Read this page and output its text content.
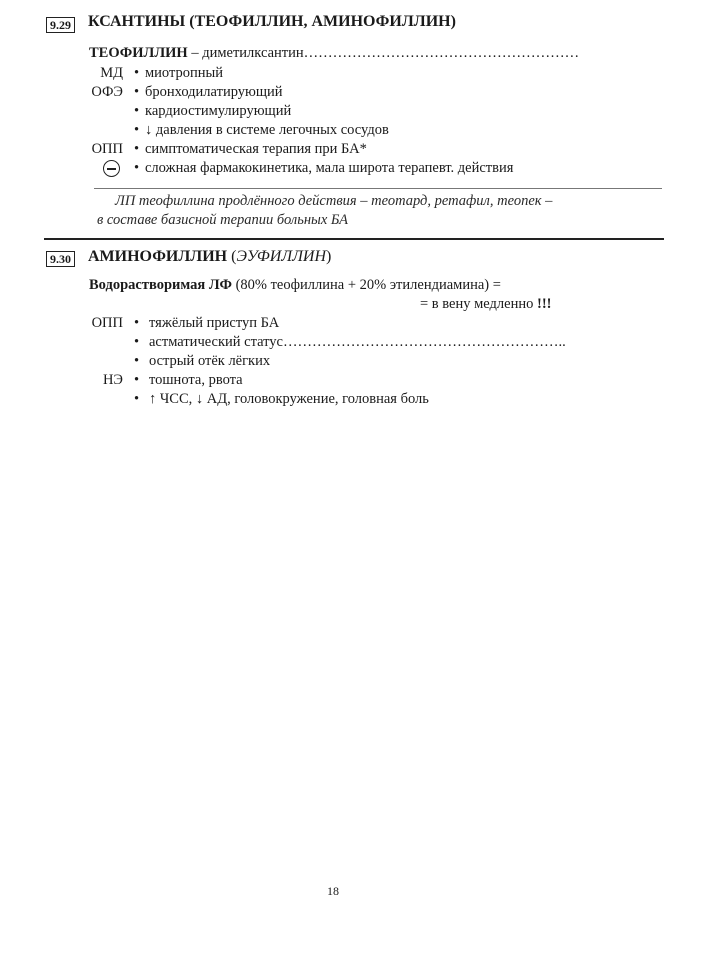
9.29 КСАНТИНЫ (ТЕОФИЛЛИН, АМИНОФИЛЛИН)
ТЕОФИЛЛИН – диметилксантин…………………………………………………
МД • миотропный
ОФЭ • бронходилатирующий
• кардиостимулирующий
• ↓ давления в системе легочных сосудов
ОПП • симптоматическая терапия при БА*
• сложная фармакокинетика, мала широта терапевт. действия
ЛП теофиллина продлённого действия – теотард, ретафил, теопек –
в составе базисной терапии больных БА
9.30 АМИНОФИЛЛИН (ЭУФИЛЛИН)
Водорастворимая ЛФ (80% теофиллина + 20% этилендиамина) =
= в вену медленно !!!
ОПП • тяжёлый приступ БА
• астматический статус…………………………………………………..
• острый отёк лёгких
НЭ • тошнота, рвота
• ↑ ЧСС, ↓ АД, головокружение, головная боль
18
